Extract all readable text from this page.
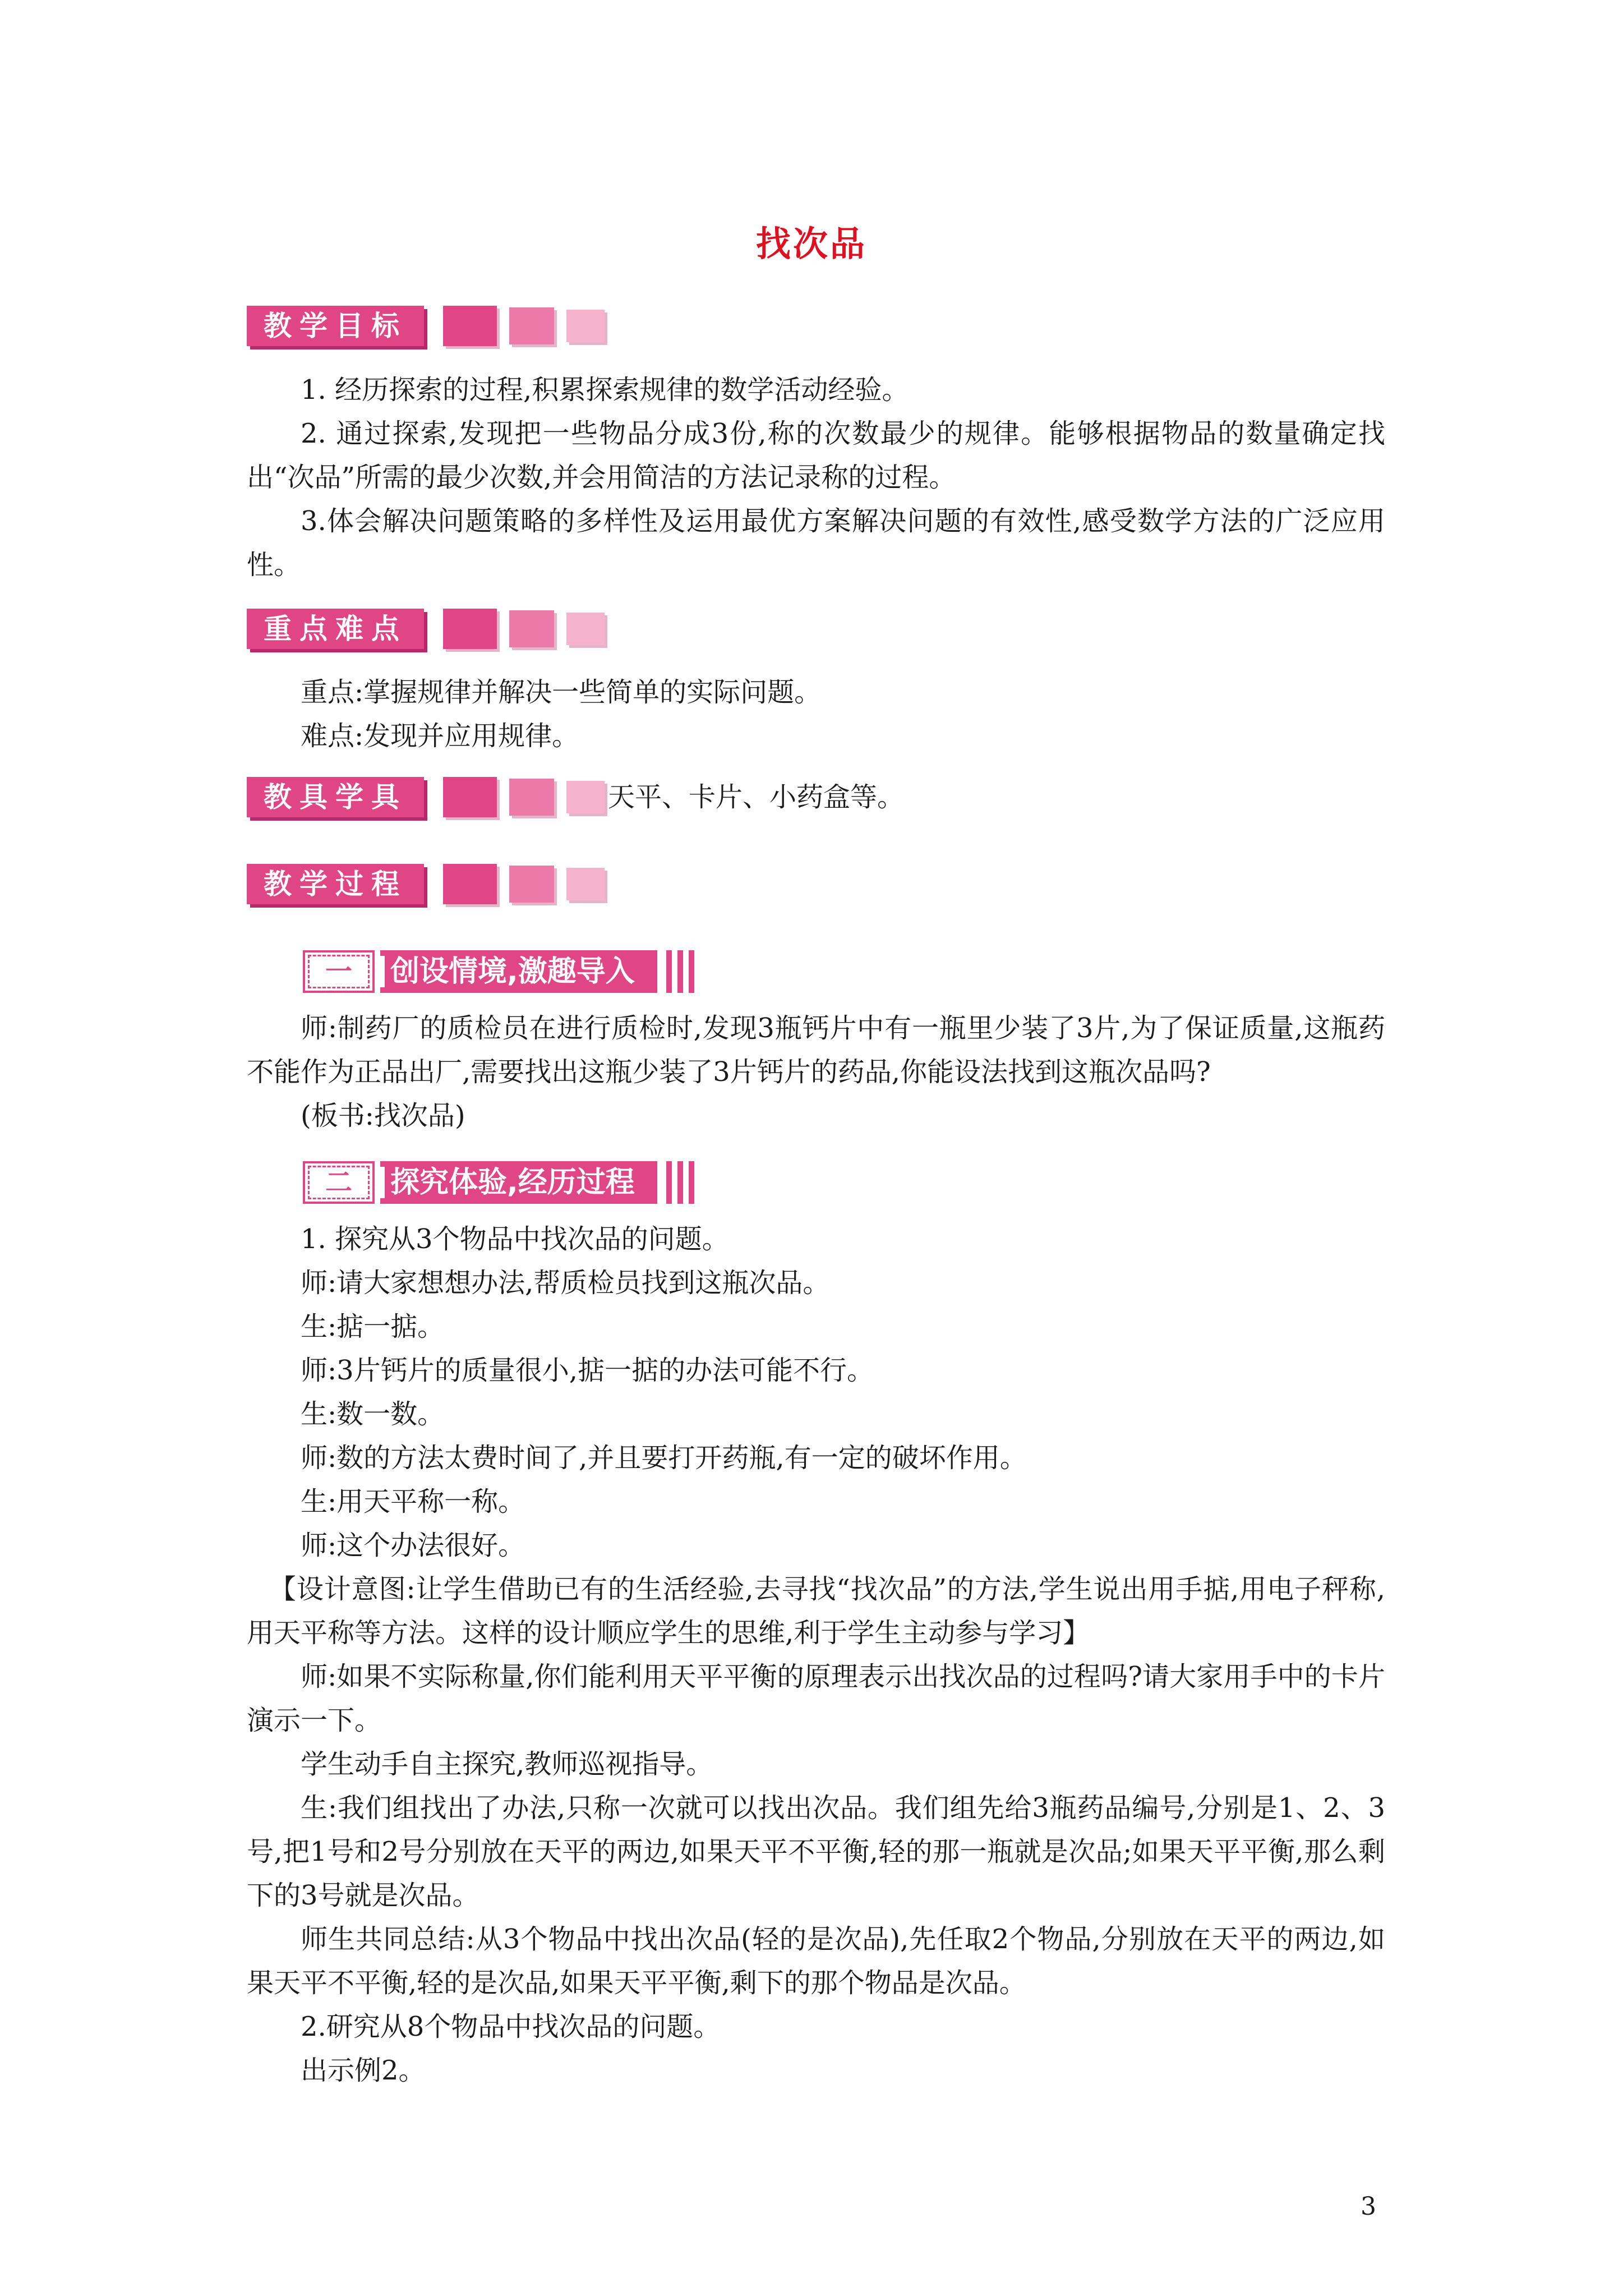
找次品
教学目标

1. 经历探索的过程,积累探索规律的数学活动经验。

2. 通过探索,发现把一些物品分成3份,称的次数最少的规律。能够根据物品的数量确定找出“次品”所需的最少次数,并会用简洁的方法记录称的过程。

3.体会解决问题策略的多样性及运用最优方案解决问题的有效性,感受数学方法的广泛应用性。

重点难点

重点:掌握规律并解决一些简单的实际问题。

难点:发现并应用规律。

教具学具	天平、卡片、小药盒等。
教学过程
一	创设情境,激趣导入

师:制药厂的质检员在进行质检时,发现3瓶钙片中有一瓶里少装了3片,为了保证质量,这瓶药不能作为正品出厂,需要找出这瓶少装了3片钙片的药品,你能设法找到这瓶次品吗?

(板书:找次品)

二	探究体验,经历过程

1. 探究从3个物品中找次品的问题。

师:请大家想想办法,帮质检员找到这瓶次品。

生:掂一掂。

师:3片钙片的质量很小,掂一掂的办法可能不行。

生:数一数。

师:数的方法太费时间了,并且要打开药瓶,有一定的破坏作用。

生:用天平称一称。

师:这个办法很好。

【设计意图:让学生借助已有的生活经验,去寻找“找次品”的方法,学生说出用手掂,用电子秤称,用天平称等方法。这样的设计顺应学生的思维,利于学生主动参与学习】

师:如果不实际称量,你们能利用天平平衡的原理表示出找次品的过程吗?请大家用手中的卡片演示一下。

学生动手自主探究,教师巡视指导。

生:我们组找出了办法,只称一次就可以找出次品。我们组先给3瓶药品编号,分别是1、2、3号,把1号和2号分别放在天平的两边,如果天平不平衡,轻的那一瓶就是次品;如果天平平衡,那么剩下的3号就是次品。

师生共同总结:从3个物品中找出次品(轻的是次品),先任取2个物品,分别放在天平的两边,如果天平不平衡,轻的是次品,如果天平平衡,剩下的那个物品是次品。

2.研究从8个物品中找次品的问题。

出示例2。

3
